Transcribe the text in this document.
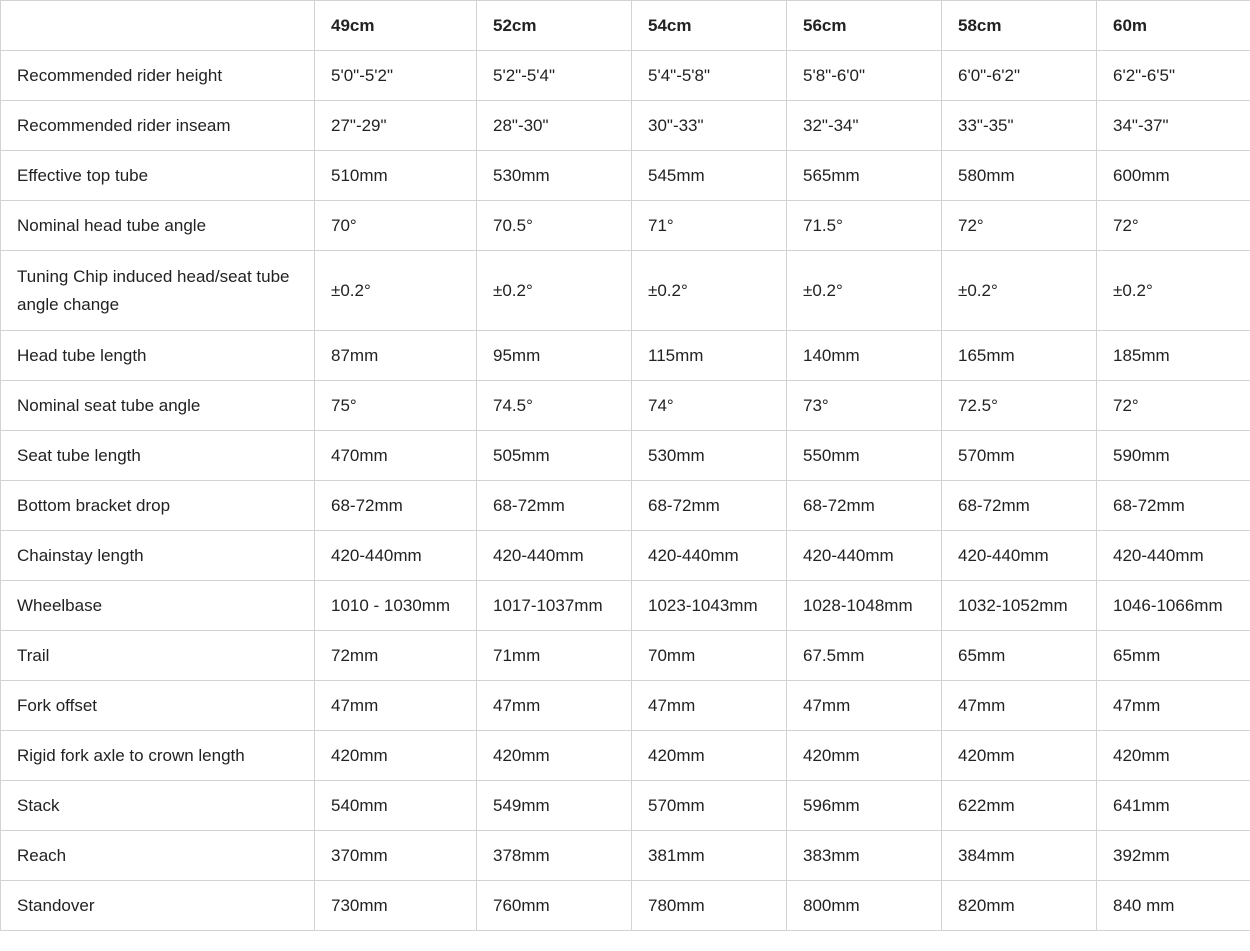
	49cm	52cm	54cm	56cm	58cm	60m
Recommended rider height	5'0"-5'2"	5'2"-5'4"	5'4"-5'8"	5'8"-6'0"	6'0"-6'2"	6'2"-6'5"
Recommended rider inseam	27"-29"	28"-30"	30"-33"	32"-34"	33"-35"	34"-37"
Effective top tube	510mm	530mm	545mm	565mm	580mm	600mm
Nominal head tube angle	70°	70.5°	71°	71.5°	72°	72°
Tuning Chip induced head/seat tube angle change	±0.2°	±0.2°	±0.2°	±0.2°	±0.2°	±0.2°
Head tube length	87mm	95mm	115mm	140mm	165mm	185mm
Nominal seat tube angle	75°	74.5°	74°	73°	72.5°	72°
Seat tube length	470mm	505mm	530mm	550mm	570mm	590mm
Bottom bracket drop	68-72mm	68-72mm	68-72mm	68-72mm	68-72mm	68-72mm
Chainstay length	420-440mm	420-440mm	420-440mm	420-440mm	420-440mm	420-440mm
Wheelbase	1010 - 1030mm	1017-1037mm	1023-1043mm	1028-1048mm	1032-1052mm	1046-1066mm
Trail	72mm	71mm	70mm	67.5mm	65mm	65mm
Fork offset	47mm	47mm	47mm	47mm	47mm	47mm
Rigid fork axle to crown length	420mm	420mm	420mm	420mm	420mm	420mm
Stack	540mm	549mm	570mm	596mm	622mm	641mm
Reach	370mm	378mm	381mm	383mm	384mm	392mm
Standover	730mm	760mm	780mm	800mm	820mm	840 mm
